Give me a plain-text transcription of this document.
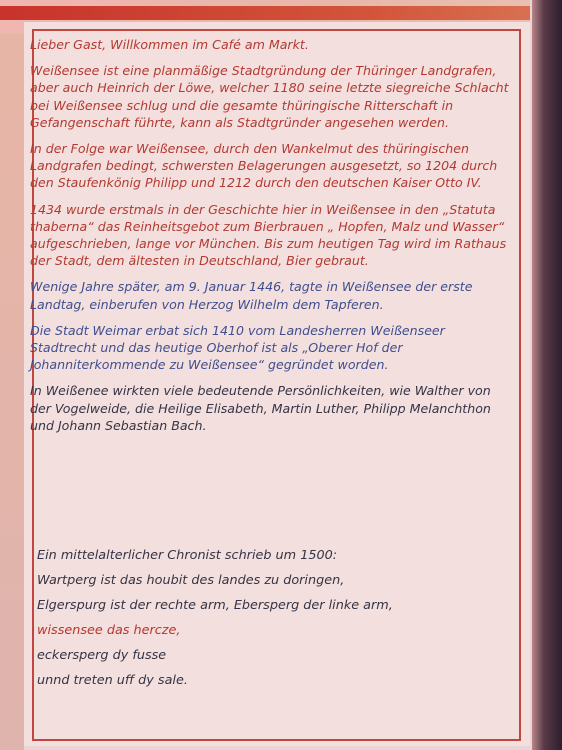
Lieber Gast, Willkommen im Café am Markt.

Weißensee ist eine planmäßige Stadtgründung der Thüringer Landgrafen, aber auch Heinrich der Löwe, welcher 1180 seine letzte siegreiche Schlacht bei Weißensee schlug und die gesamte thüringische Ritterschaft in Gefangenschaft führte, kann als Stadtgründer angesehen werden.

In der Folge war Weißensee, durch den Wankelmut des thüringischen Landgrafen bedingt, schwersten Belagerungen ausgesetzt, so 1204 durch den Staufenkönig Philipp und 1212 durch den deutschen Kaiser Otto IV.

1434 wurde erstmals in der Geschichte hier in Weißensee in den „Statuta thaberna“ das Reinheitsgebot zum Bierbrauen „ Hopfen, Malz und Wasser“ aufgeschrieben, lange vor München. Bis zum heutigen Tag wird im Rathaus der Stadt, dem ältesten in Deutschland, Bier gebraut.

Wenige Jahre später, am 9. Januar 1446, tagte in Weißensee der erste Landtag, einberufen von Herzog Wilhelm dem Tapferen.

Die Stadt Weimar erbat sich 1410 vom Landesherren Weißenseer Stadtrecht und das heutige Oberhof ist als „Oberer Hof der Johanniterkommende zu Weißensee“ gegründet worden.

In Weißenee wirkten viele bedeutende Persönlichkeiten, wie Walther von der Vogelweide, die Heilige Elisabeth, Martin Luther, Philipp Melanchthon und Johann Sebastian Bach.

Ein mittelalterlicher Chronist schrieb um 1500:
Wartperg ist das houbit des landes zu doringen,
Elgerspurg ist der rechte arm, Ebersperg der linke arm,
wissensee das hercze,
eckersperg dy fusse
unnd treten uff dy sale.
